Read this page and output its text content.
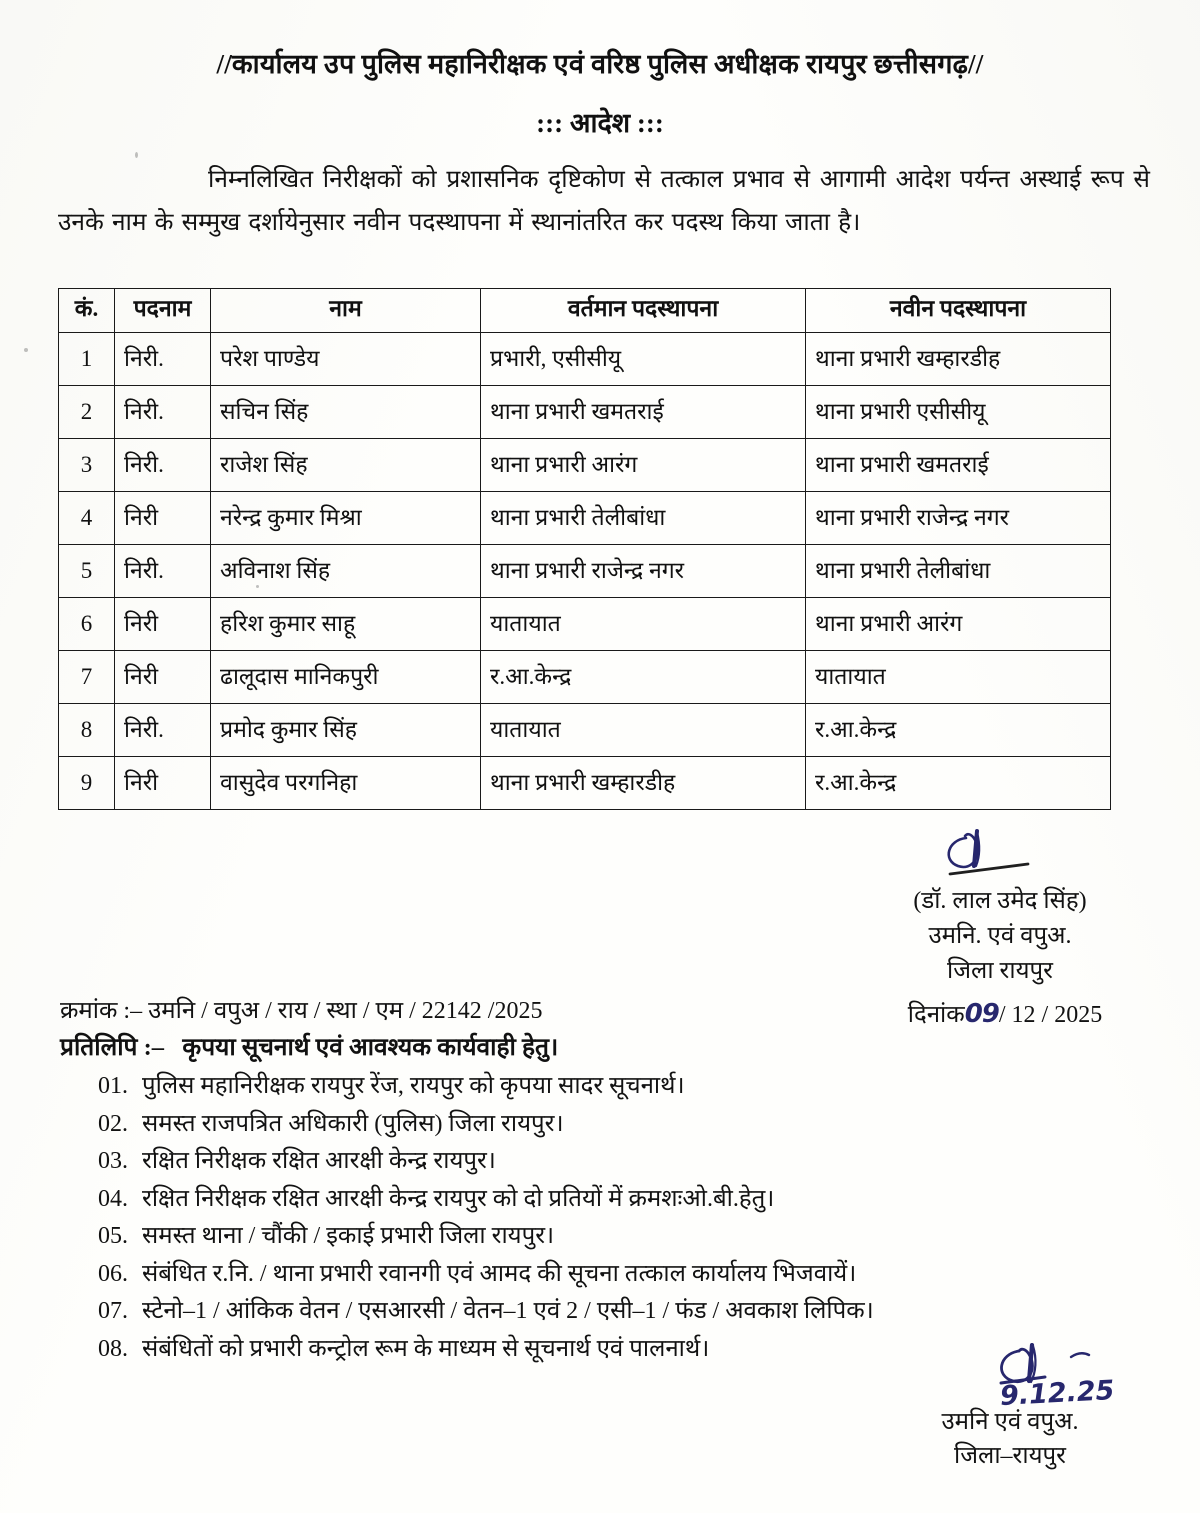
//कार्यालय उप पुलिस महानिरीक्षक एवं वरिष्ठ पुलिस अधीक्षक रायपुर छत्तीसगढ़//
::: आदेश :::
निम्नलिखित निरीक्षकों को प्रशासनिक दृष्टिकोण से तत्काल प्रभाव से आगामी आदेश पर्यन्त अस्थाई रूप से उनके नाम के सम्मुख दर्शायेनुसार नवीन पदस्थापना में स्थानांतरित कर पदस्थ किया जाता है।
कं.	पदनाम	नाम	वर्तमान पदस्थापना	नवीन पदस्थापना
1	निरी.	परेश पाण्डेय	प्रभारी, एसीसीयू	थाना प्रभारी खम्हारडीह
2	निरी.	सचिन सिंह	थाना प्रभारी खमतराई	थाना प्रभारी एसीसीयू
3	निरी.	राजेश सिंह	थाना प्रभारी आरंग	थाना प्रभारी खमतराई
4	निरी	नरेन्द्र कुमार मिश्रा	थाना प्रभारी तेलीबांधा	थाना प्रभारी राजेन्द्र नगर
5	निरी.	अविनाश सिंह	थाना प्रभारी राजेन्द्र नगर	थाना प्रभारी तेलीबांधा
6	निरी	हरिश कुमार साहू	यातायात	थाना प्रभारी आरंग
7	निरी	ढालूदास मानिकपुरी	र.आ.केन्द्र	यातायात
8	निरी.	प्रमोद कुमार सिंह	यातायात	र.आ.केन्द्र
9	निरी	वासुदेव परगनिहा	थाना प्रभारी खम्हारडीह	र.आ.केन्द्र
(डॉ. लाल उमेद सिंह)
उमनि. एवं वपुअ.
जिला रायपुर
दिनांक09/ 12 / 2025
क्रमांक :– उमनि / वपुअ / राय / स्था / एम / 22142 /2025
प्रतिलिपि :– कृपया सूचनार्थ एवं आवश्यक कार्यवाही हेतु।
01. पुलिस महानिरीक्षक रायपुर रेंज, रायपुर को कृपया सादर सूचनार्थ।
02. समस्त राजपत्रित अधिकारी (पुलिस) जिला रायपुर।
03. रक्षित निरीक्षक रक्षित आरक्षी केन्द्र रायपुर।
04. रक्षित निरीक्षक रक्षित आरक्षी केन्द्र रायपुर को दो प्रतियों में क्रमशःओ.बी.हेतु।
05. समस्त थाना / चौंकी / इकाई प्रभारी जिला रायपुर।
06. संबंधित र.नि. / थाना प्रभारी रवानगी एवं आमद की सूचना तत्काल कार्यालय भिजवायें।
07. स्टेनो–1 / आंकिक वेतन / एसआरसी / वेतन–1 एवं 2 / एसी–1 / फंड / अवकाश लिपिक।
08. संबंधितों को प्रभारी कन्ट्रोल रूम के माध्यम से सूचनार्थ एवं पालनार्थ।
9.12.25
उमनि एवं वपुअ.
जिला–रायपुर
